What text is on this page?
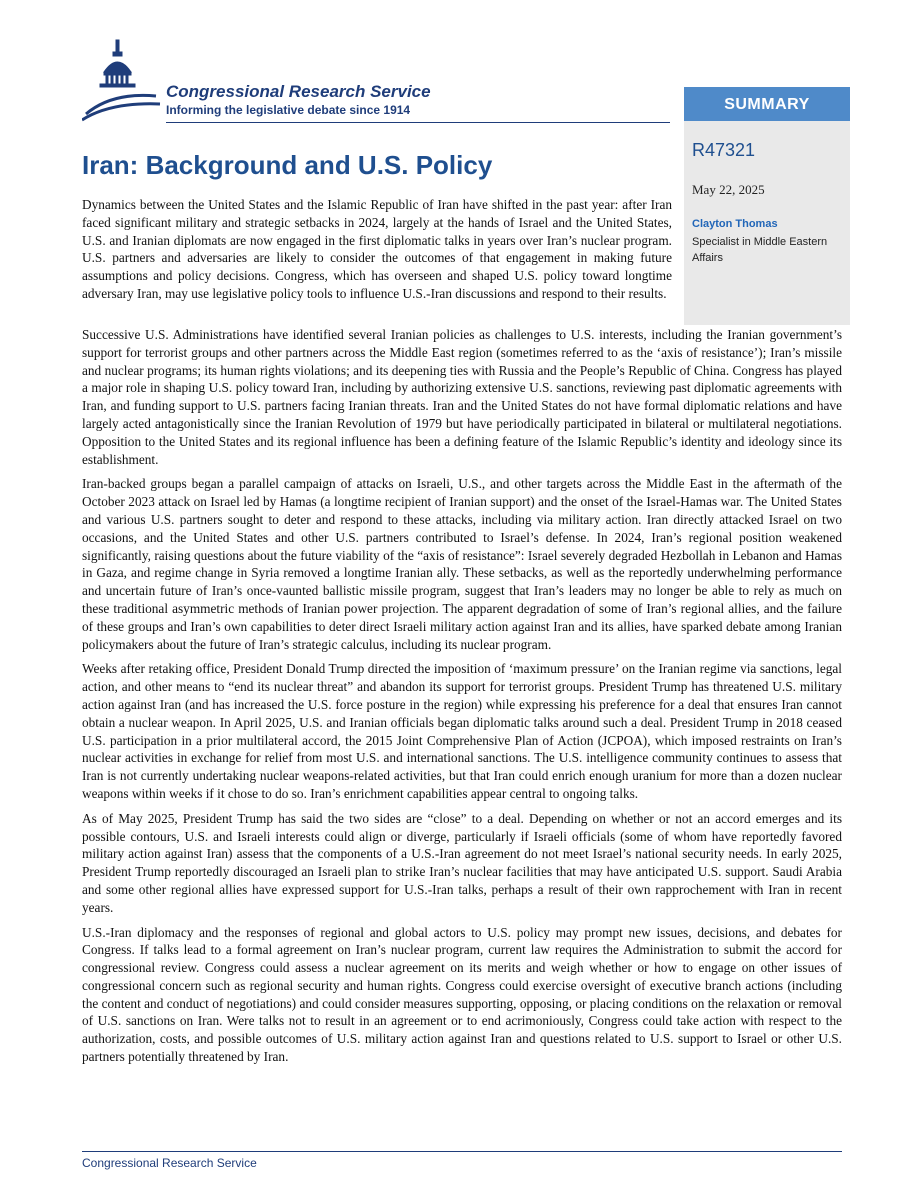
Congressional Research Service
Informing the legislative debate since 1914	SUMMARY
R47321
May 22, 2025
Clayton Thomas
Specialist in Middle Eastern Affairs
Iran: Background and U.S. Policy

Dynamics between the United States and the Islamic Republic of Iran have shifted in the past year: after Iran faced significant military and strategic setbacks in 2024, largely at the hands of Israel and the United States, U.S. and Iranian diplomats are now engaged in the first diplomatic talks in years over Iran’s nuclear program. U.S. partners and adversaries are likely to consider the outcomes of that engagement in making future assumptions and policy decisions. Congress, which has overseen and shaped U.S. policy toward longtime adversary Iran, may use legislative policy tools to influence U.S.-Iran discussions and respond to their results.

Successive U.S. Administrations have identified several Iranian policies as challenges to U.S. interests, including the Iranian government’s support for terrorist groups and other partners across the Middle East region (sometimes referred to as the ‘axis of resistance’); Iran’s missile and nuclear programs; its human rights violations; and its deepening ties with Russia and the People’s Republic of China. Congress has played a major role in shaping U.S. policy toward Iran, including by authorizing extensive U.S. sanctions, reviewing past diplomatic agreements with Iran, and funding support to U.S. partners facing Iranian threats. Iran and the United States do not have formal diplomatic relations and have largely acted antagonistically since the Iranian Revolution of 1979 but have periodically participated in bilateral or multilateral negotiations. Opposition to the United States and its regional influence has been a defining feature of the Islamic Republic’s identity and ideology since its establishment.

Iran-backed groups began a parallel campaign of attacks on Israeli, U.S., and other targets across the Middle East in the aftermath of the October 2023 attack on Israel led by Hamas (a longtime recipient of Iranian support) and the onset of the Israel-Hamas war. The United States and various U.S. partners sought to deter and respond to these attacks, including via military action. Iran directly attacked Israel on two occasions, and the United States and other U.S. partners contributed to Israel’s defense. In 2024, Iran’s regional position weakened significantly, raising questions about the future viability of the “axis of resistance”: Israel severely degraded Hezbollah in Lebanon and Hamas in Gaza, and regime change in Syria removed a longtime Iranian ally. These setbacks, as well as the reportedly underwhelming performance and uncertain future of Iran’s once-vaunted ballistic missile program, suggest that Iran’s leaders may no longer be able to rely as much on these traditional asymmetric methods of Iranian power projection. The apparent degradation of some of Iran’s regional allies, and the failure of these groups and Iran’s own capabilities to deter direct Israeli military action against Iran and its allies, have sparked debate among Iranian policymakers about the future of Iran’s strategic calculus, including its nuclear program.

Weeks after retaking office, President Donald Trump directed the imposition of ‘maximum pressure’ on the Iranian regime via sanctions, legal action, and other means to “end its nuclear threat” and abandon its support for terrorist groups. President Trump has threatened U.S. military action against Iran (and has increased the U.S. force posture in the region) while expressing his preference for a deal that ensures Iran cannot obtain a nuclear weapon. In April 2025, U.S. and Iranian officials began diplomatic talks around such a deal. President Trump in 2018 ceased U.S. participation in a prior multilateral accord, the 2015 Joint Comprehensive Plan of Action (JCPOA), which imposed restraints on Iran’s nuclear activities in exchange for relief from most U.S. and international sanctions. The U.S. intelligence community continues to assess that Iran is not currently undertaking nuclear weapons-related activities, but that Iran could enrich enough uranium for more than a dozen nuclear weapons within weeks if it chose to do so. Iran’s enrichment capabilities appear central to ongoing talks.

As of May 2025, President Trump has said the two sides are “close” to a deal. Depending on whether or not an accord emerges and its possible contours, U.S. and Israeli interests could align or diverge, particularly if Israeli officials (some of whom have reportedly favored military action against Iran) assess that the components of a U.S.-Iran agreement do not meet Israel’s national security needs. In early 2025, President Trump reportedly discouraged an Israeli plan to strike Iran’s nuclear facilities that may have anticipated U.S. support. Saudi Arabia and some other regional allies have expressed support for U.S.-Iran talks, perhaps a result of their own rapprochement with Iran in recent years.

U.S.-Iran diplomacy and the responses of regional and global actors to U.S. policy may prompt new issues, decisions, and debates for Congress. If talks lead to a formal agreement on Iran’s nuclear program, current law requires the Administration to submit the accord for congressional review. Congress could assess a nuclear agreement on its merits and weigh whether or how to engage on other issues of congressional concern such as regional security and human rights. Congress could exercise oversight of executive branch actions (including the content and conduct of negotiations) and could consider measures supporting, opposing, or placing conditions on the relaxation or removal of U.S. sanctions on Iran. Were talks not to result in an agreement or to end acrimoniously, Congress could take action with respect to the authorization, costs, and possible outcomes of U.S. military action against Iran and questions related to U.S. support to Israel or other U.S. partners potentially threatened by Iran.

Congressional Research Service
